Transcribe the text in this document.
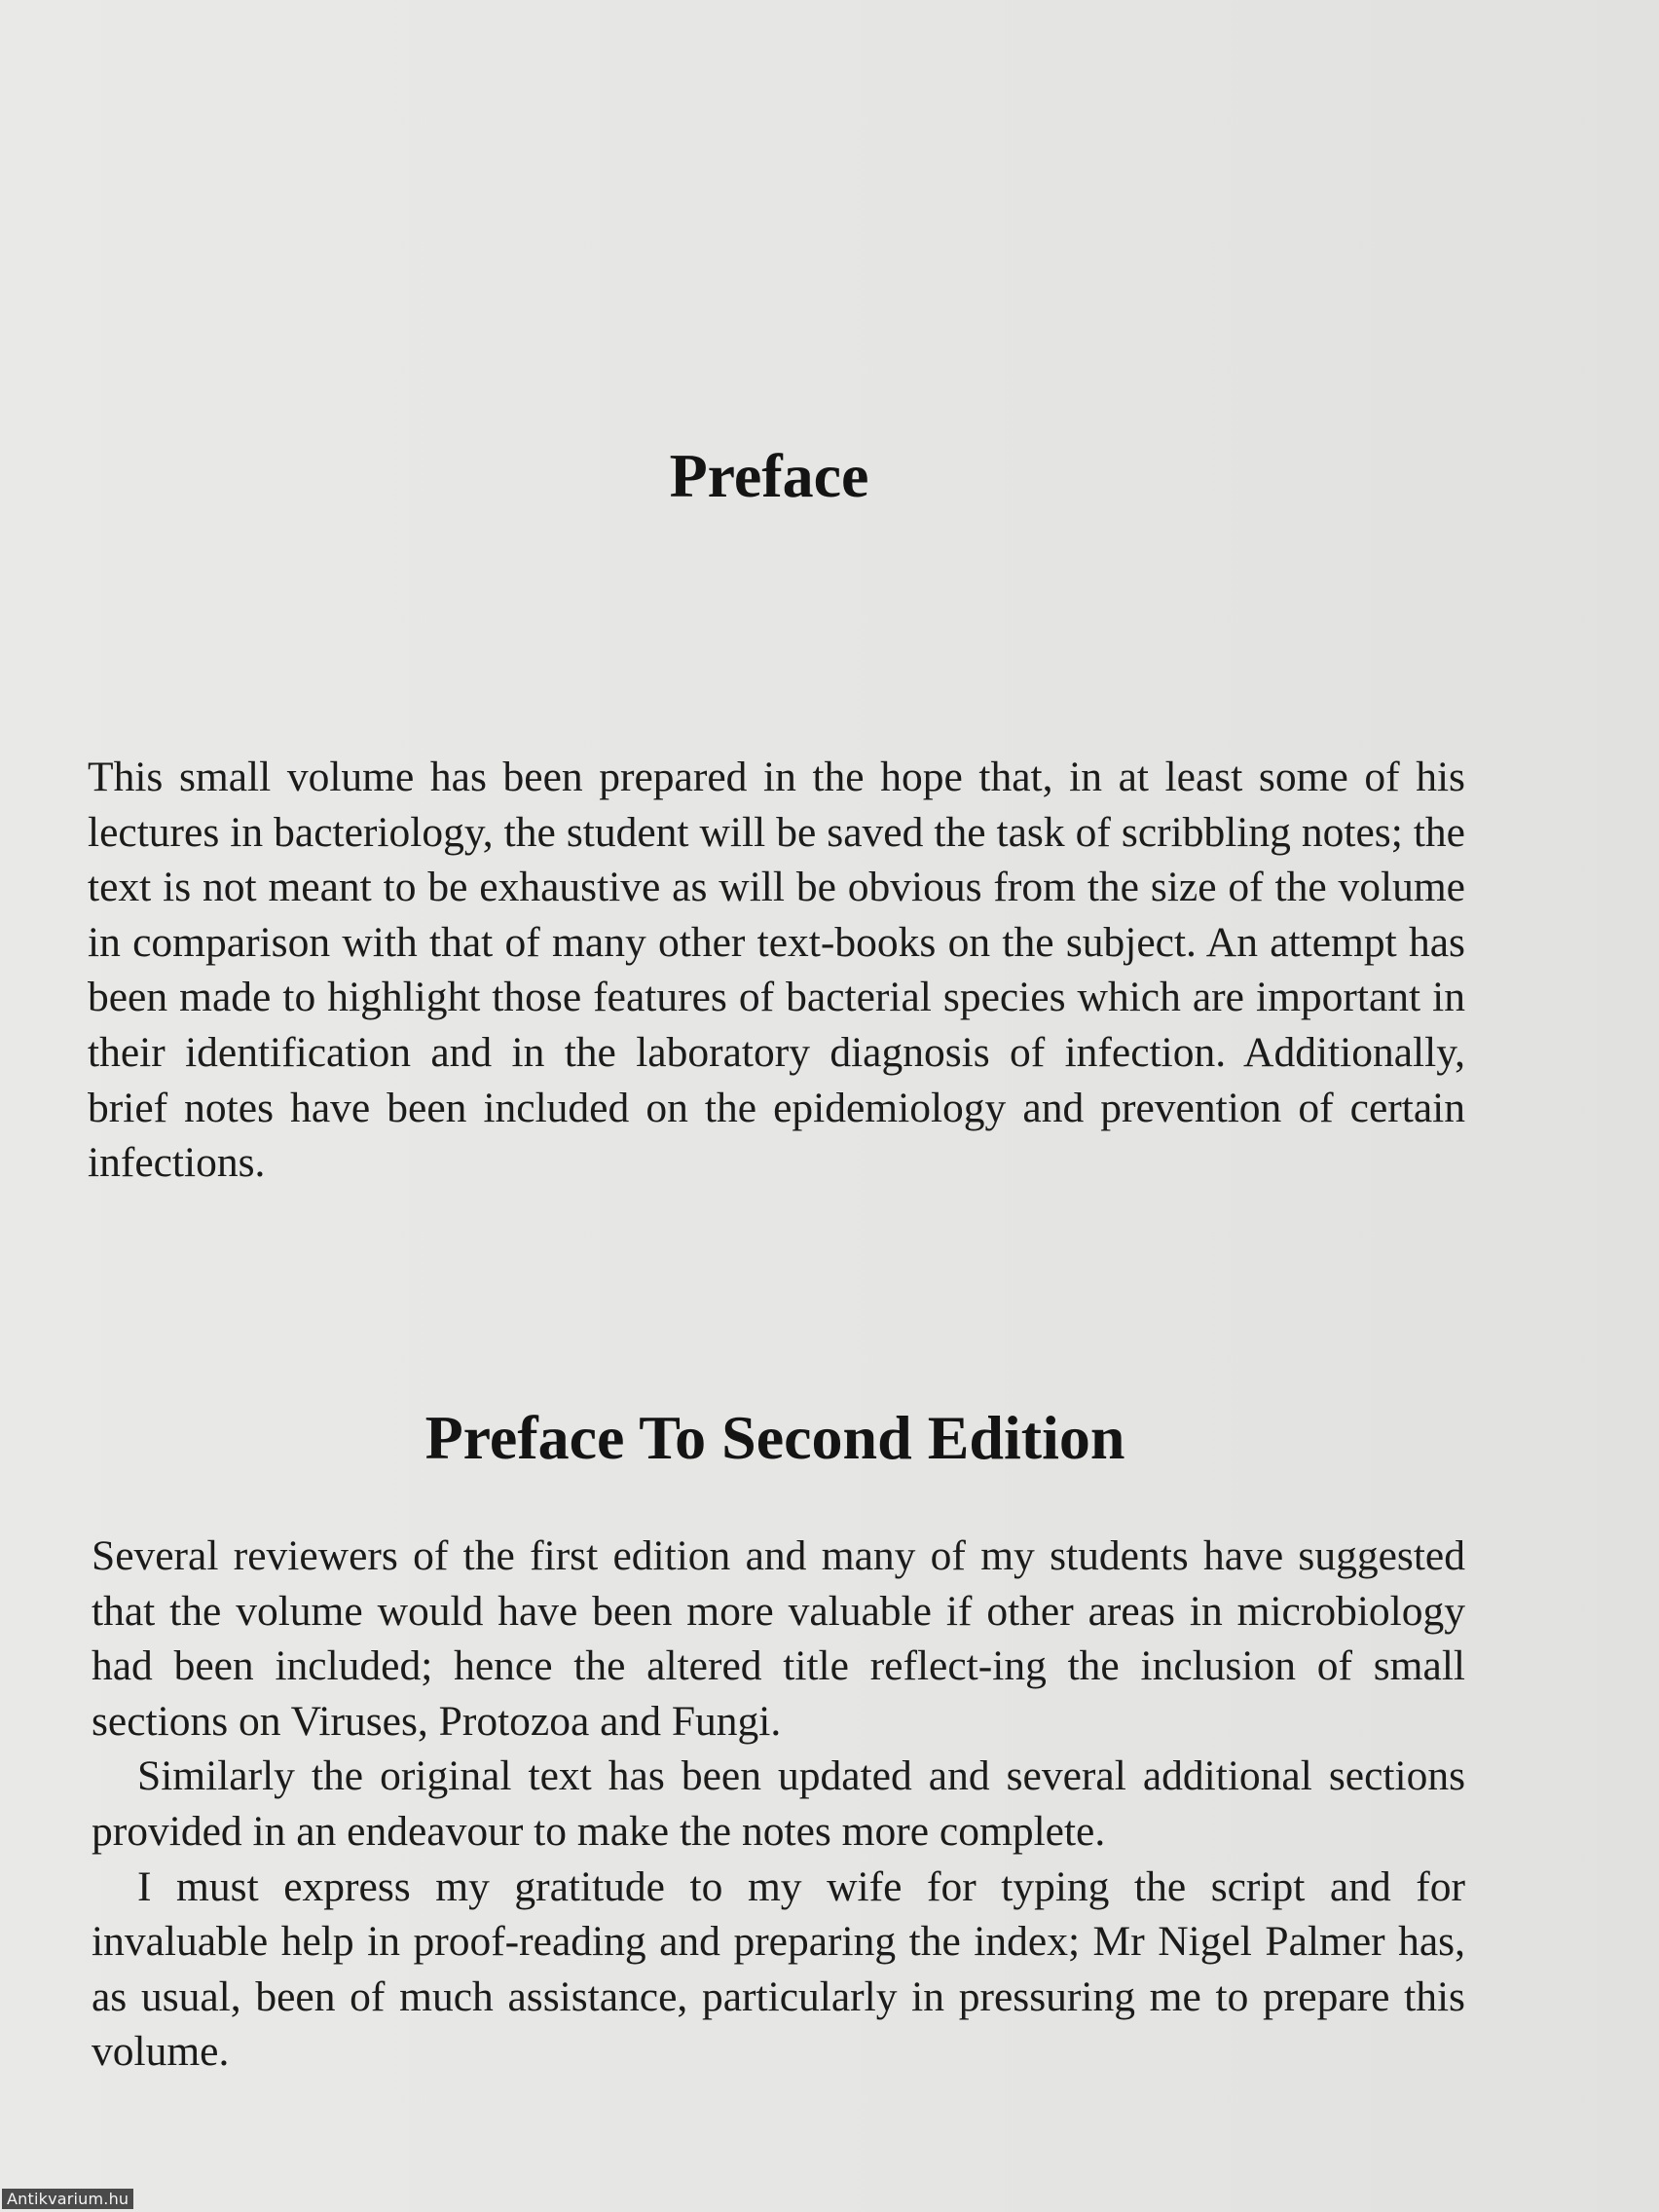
Preface

This small volume has been prepared in the hope that, in at least some of his lectures in bacteriology, the student will be saved the task of scribbling notes; the text is not meant to be exhaustive as will be obvious from the size of the volume in comparison with that of many other text-books on the subject. An attempt has been made to highlight those features of bacterial species which are important in their identification and in the laboratory diagnosis of infection. Additionally, brief notes have been included on the epidemiology and prevention of certain infections.

Preface To Second Edition

Several reviewers of the first edition and many of my students have suggested that the volume would have been more valuable if other areas in microbiology had been included; hence the altered title reflect-ing the inclusion of small sections on Viruses, Protozoa and Fungi.

Similarly the original text has been updated and several additional sections provided in an endeavour to make the notes more complete.

I must express my gratitude to my wife for typing the script and for invaluable help in proof-reading and preparing the index; Mr Nigel Palmer has, as usual, been of much assistance, particularly in pressuring me to prepare this volume.

Antikvarium.hu
